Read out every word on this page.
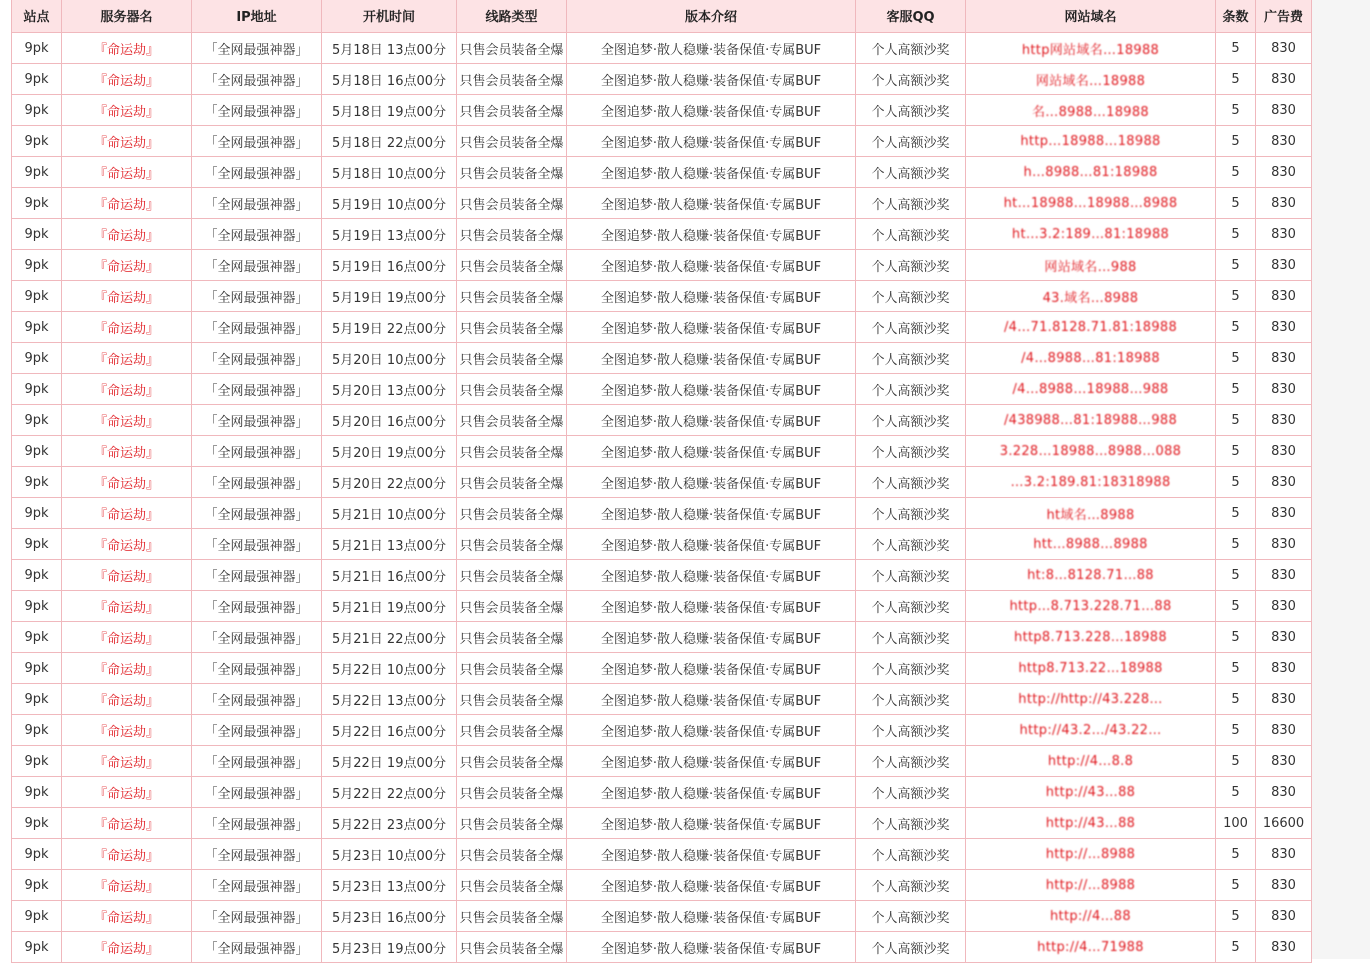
站点	服务器名	IP地址	开机时间	线路类型	版本介绍	客服QQ	网站域名	条数	广告费
9pk	『命运劫』	「全网最强神器」	5月18日 13点00分	只售会员装备全爆	全图追梦·散人稳赚·装备保值·专属BUF	个人高额沙奖	http网站域名…18988	5	830
9pk	『命运劫』	「全网最强神器」	5月18日 16点00分	只售会员装备全爆	全图追梦·散人稳赚·装备保值·专属BUF	个人高额沙奖	网站域名…18988	5	830
9pk	『命运劫』	「全网最强神器」	5月18日 19点00分	只售会员装备全爆	全图追梦·散人稳赚·装备保值·专属BUF	个人高额沙奖	名…8988…18988	5	830
9pk	『命运劫』	「全网最强神器」	5月18日 22点00分	只售会员装备全爆	全图追梦·散人稳赚·装备保值·专属BUF	个人高额沙奖	http…18988…18988	5	830
9pk	『命运劫』	「全网最强神器」	5月18日 10点00分	只售会员装备全爆	全图追梦·散人稳赚·装备保值·专属BUF	个人高额沙奖	h…8988…81:18988	5	830
9pk	『命运劫』	「全网最强神器」	5月19日 10点00分	只售会员装备全爆	全图追梦·散人稳赚·装备保值·专属BUF	个人高额沙奖	ht…18988…18988…8988	5	830
9pk	『命运劫』	「全网最强神器」	5月19日 13点00分	只售会员装备全爆	全图追梦·散人稳赚·装备保值·专属BUF	个人高额沙奖	ht…3.2:189…81:18988	5	830
9pk	『命运劫』	「全网最强神器」	5月19日 16点00分	只售会员装备全爆	全图追梦·散人稳赚·装备保值·专属BUF	个人高额沙奖	网站域名…988	5	830
9pk	『命运劫』	「全网最强神器」	5月19日 19点00分	只售会员装备全爆	全图追梦·散人稳赚·装备保值·专属BUF	个人高额沙奖	43.域名…8988	5	830
9pk	『命运劫』	「全网最强神器」	5月19日 22点00分	只售会员装备全爆	全图追梦·散人稳赚·装备保值·专属BUF	个人高额沙奖	/4…71.8128.71.81:18988	5	830
9pk	『命运劫』	「全网最强神器」	5月20日 10点00分	只售会员装备全爆	全图追梦·散人稳赚·装备保值·专属BUF	个人高额沙奖	/4…8988…81:18988	5	830
9pk	『命运劫』	「全网最强神器」	5月20日 13点00分	只售会员装备全爆	全图追梦·散人稳赚·装备保值·专属BUF	个人高额沙奖	/4…8988…18988…988	5	830
9pk	『命运劫』	「全网最强神器」	5月20日 16点00分	只售会员装备全爆	全图追梦·散人稳赚·装备保值·专属BUF	个人高额沙奖	/438988…81:18988…988	5	830
9pk	『命运劫』	「全网最强神器」	5月20日 19点00分	只售会员装备全爆	全图追梦·散人稳赚·装备保值·专属BUF	个人高额沙奖	3.228…18988…8988…088	5	830
9pk	『命运劫』	「全网最强神器」	5月20日 22点00分	只售会员装备全爆	全图追梦·散人稳赚·装备保值·专属BUF	个人高额沙奖	…3.2:189.81:18318988	5	830
9pk	『命运劫』	「全网最强神器」	5月21日 10点00分	只售会员装备全爆	全图追梦·散人稳赚·装备保值·专属BUF	个人高额沙奖	ht域名…8988	5	830
9pk	『命运劫』	「全网最强神器」	5月21日 13点00分	只售会员装备全爆	全图追梦·散人稳赚·装备保值·专属BUF	个人高额沙奖	htt…8988…8988	5	830
9pk	『命运劫』	「全网最强神器」	5月21日 16点00分	只售会员装备全爆	全图追梦·散人稳赚·装备保值·专属BUF	个人高额沙奖	ht:8…8128.71…88	5	830
9pk	『命运劫』	「全网最强神器」	5月21日 19点00分	只售会员装备全爆	全图追梦·散人稳赚·装备保值·专属BUF	个人高额沙奖	http…8.713.228.71…88	5	830
9pk	『命运劫』	「全网最强神器」	5月21日 22点00分	只售会员装备全爆	全图追梦·散人稳赚·装备保值·专属BUF	个人高额沙奖	http8.713.228…18988	5	830
9pk	『命运劫』	「全网最强神器」	5月22日 10点00分	只售会员装备全爆	全图追梦·散人稳赚·装备保值·专属BUF	个人高额沙奖	http8.713.22…18988	5	830
9pk	『命运劫』	「全网最强神器」	5月22日 13点00分	只售会员装备全爆	全图追梦·散人稳赚·装备保值·专属BUF	个人高额沙奖	http://http://43.228…	5	830
9pk	『命运劫』	「全网最强神器」	5月22日 16点00分	只售会员装备全爆	全图追梦·散人稳赚·装备保值·专属BUF	个人高额沙奖	http://43.2…/43.22…	5	830
9pk	『命运劫』	「全网最强神器」	5月22日 19点00分	只售会员装备全爆	全图追梦·散人稳赚·装备保值·专属BUF	个人高额沙奖	http://4…8.8	5	830
9pk	『命运劫』	「全网最强神器」	5月22日 22点00分	只售会员装备全爆	全图追梦·散人稳赚·装备保值·专属BUF	个人高额沙奖	http://43…88	5	830
9pk	『命运劫』	「全网最强神器」	5月22日 23点00分	只售会员装备全爆	全图追梦·散人稳赚·装备保值·专属BUF	个人高额沙奖	http://43…88	100	16600
9pk	『命运劫』	「全网最强神器」	5月23日 10点00分	只售会员装备全爆	全图追梦·散人稳赚·装备保值·专属BUF	个人高额沙奖	http://…8988	5	830
9pk	『命运劫』	「全网最强神器」	5月23日 13点00分	只售会员装备全爆	全图追梦·散人稳赚·装备保值·专属BUF	个人高额沙奖	http://…8988	5	830
9pk	『命运劫』	「全网最强神器」	5月23日 16点00分	只售会员装备全爆	全图追梦·散人稳赚·装备保值·专属BUF	个人高额沙奖	http://4…88	5	830
9pk	『命运劫』	「全网最强神器」	5月23日 19点00分	只售会员装备全爆	全图追梦·散人稳赚·装备保值·专属BUF	个人高额沙奖	http://4…71988	5	830
